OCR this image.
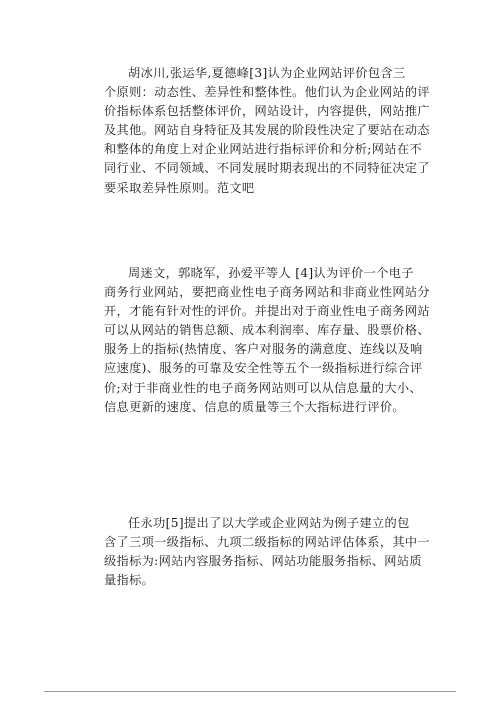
胡冰川,张运华,夏德峰[3]认为企业网站评价包含三
个原则：动态性、差异性和整体性。他们认为企业网站的评
价指标体系包括整体评价，网站设计，内容提供，网站推广
及其他。网站自身特征及其发展的阶段性决定了要站在动态
和整体的角度上对企业网站进行指标评价和分析;网站在不
同行业、不同领域、不同发展时期表现出的不同特征决定了
要采取差异性原则。范文吧

周迷文，郭晓军，孙爱平等人 [4]认为评价一个电子
商务行业网站，要把商业性电子商务网站和非商业性网站分
开，才能有针对性的评价。并提出对于商业性电子商务网站
可以从网站的销售总额、成本利润率、库存量、股票价格、
服务上的指标(热情度、客户对服务的满意度、连线以及响
应速度)、服务的可靠及安全性等五个一级指标进行综合评
价;对于非商业性的电子商务网站则可以从信息量的大小、
信息更新的速度、信息的质量等三个大指标进行评价。

任永功[5]提出了以大学或企业网站为例子建立的包
含了三项一级指标、九项二级指标的网站评估体系，其中一
级指标为:网站内容服务指标、网站功能服务指标、网站质
量指标。
